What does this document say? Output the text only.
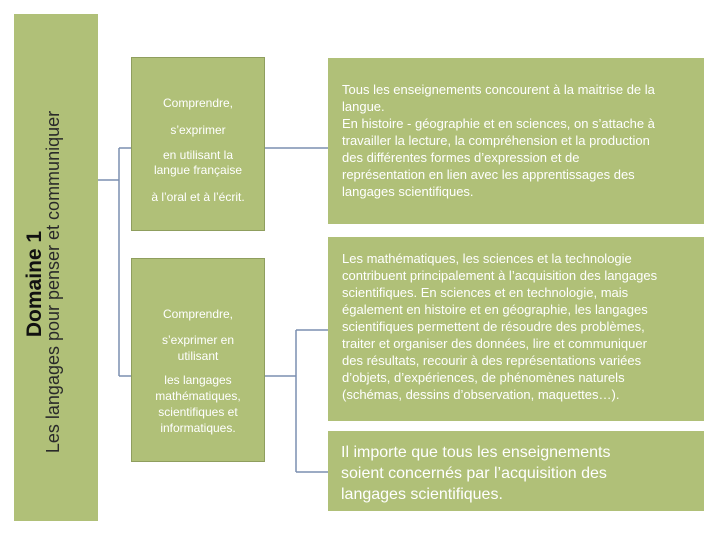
Domaine 1
Les langages pour penser et communiquer
Comprendre,
s’exprimer
en utilisant la
langue française
à l’oral et à l’écrit.
Comprendre,
s’exprimer en
utilisant
les langages
mathématiques,
scientifiques et
informatiques.
Tous les enseignements concourent à la maitrise de la
langue.
En histoire - géographie et en sciences, on s’attache à
travailler la lecture, la compréhension et la production
des différentes formes d’expression et de
représentation en lien avec les apprentissages des
langages scientifiques.
Les mathématiques, les sciences et la technologie
contribuent principalement à l’acquisition des langages
scientifiques. En sciences et en technologie, mais
également en histoire et en géographie, les langages
scientifiques permettent de résoudre des problèmes,
traiter et organiser des données, lire et communiquer
des résultats, recourir à des représentations variées
d’objets, d’expériences, de phénomènes naturels
(schémas, dessins d’observation, maquettes…).
Il importe que tous les enseignements
soient concernés par l’acquisition des
langages scientifiques.
